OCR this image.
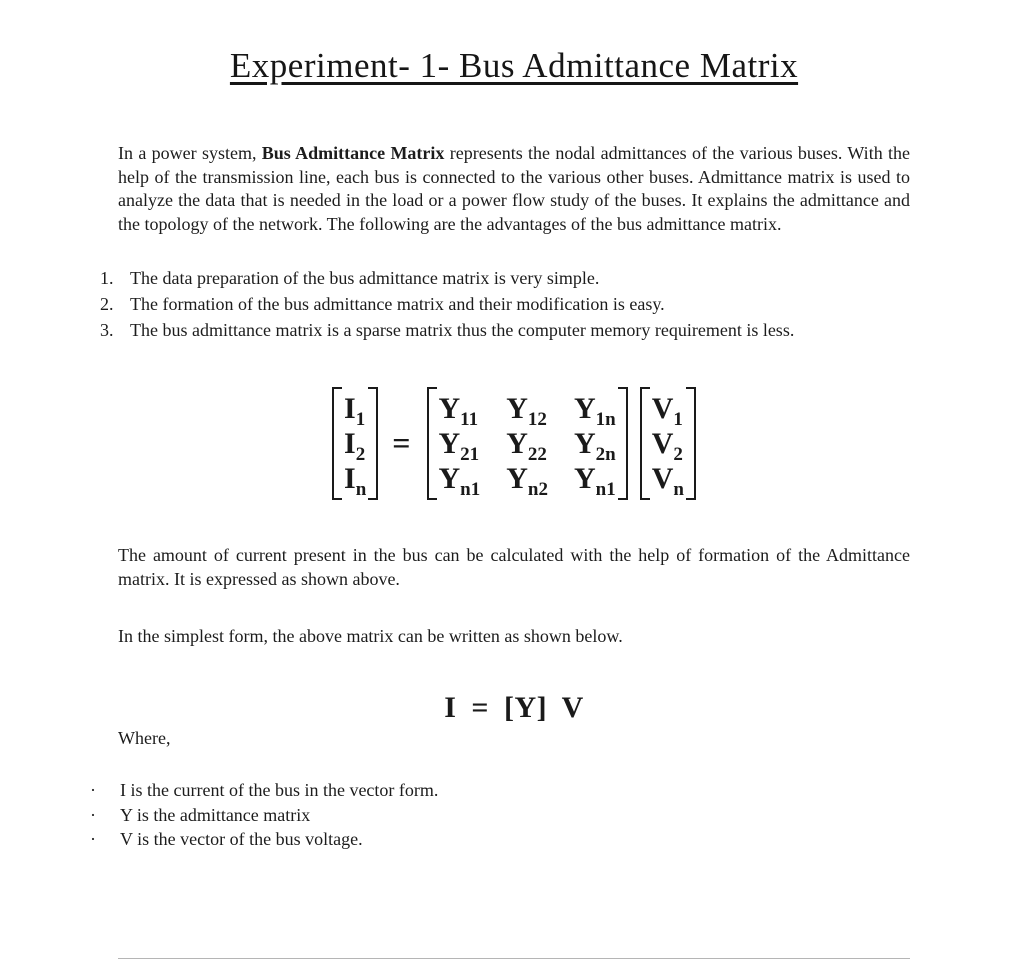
Experiment- 1- Bus Admittance Matrix

In a power system, Bus Admittance Matrix represents the nodal admittances of the various buses. With the help of the transmission line, each bus is connected to the various other buses. Admittance matrix is used to analyze the data that is needed in the load or a power flow study of the buses. It explains the admittance and the topology of the network. The following are the advantages of the bus admittance matrix.

1. The data preparation of the bus admittance matrix is very simple.
2. The formation of the bus admittance matrix and their modification is easy.
3. The bus admittance matrix is a sparse matrix thus the computer memory requirement is less.
$I_1$
$I_2$
$I_n$
=
$Y_{11}$ $Y_{12}$ $Y_{1n}$
$Y_{21}$ $Y_{22}$ $Y_{2n}$
$Y_{n1}$ $Y_{n2}$ $Y_{n1}$
$V_1$
$V_2$
$V_n$

The amount of current present in the bus can be calculated with the help of formation of the Admittance matrix. It is expressed as shown above.

In the simplest form, the above matrix can be written as shown below.

I = [Y] V

Where,

·	I is the current of the bus in the vector form.
·	Y is the admittance matrix
·	V is the vector of the bus voltage.
